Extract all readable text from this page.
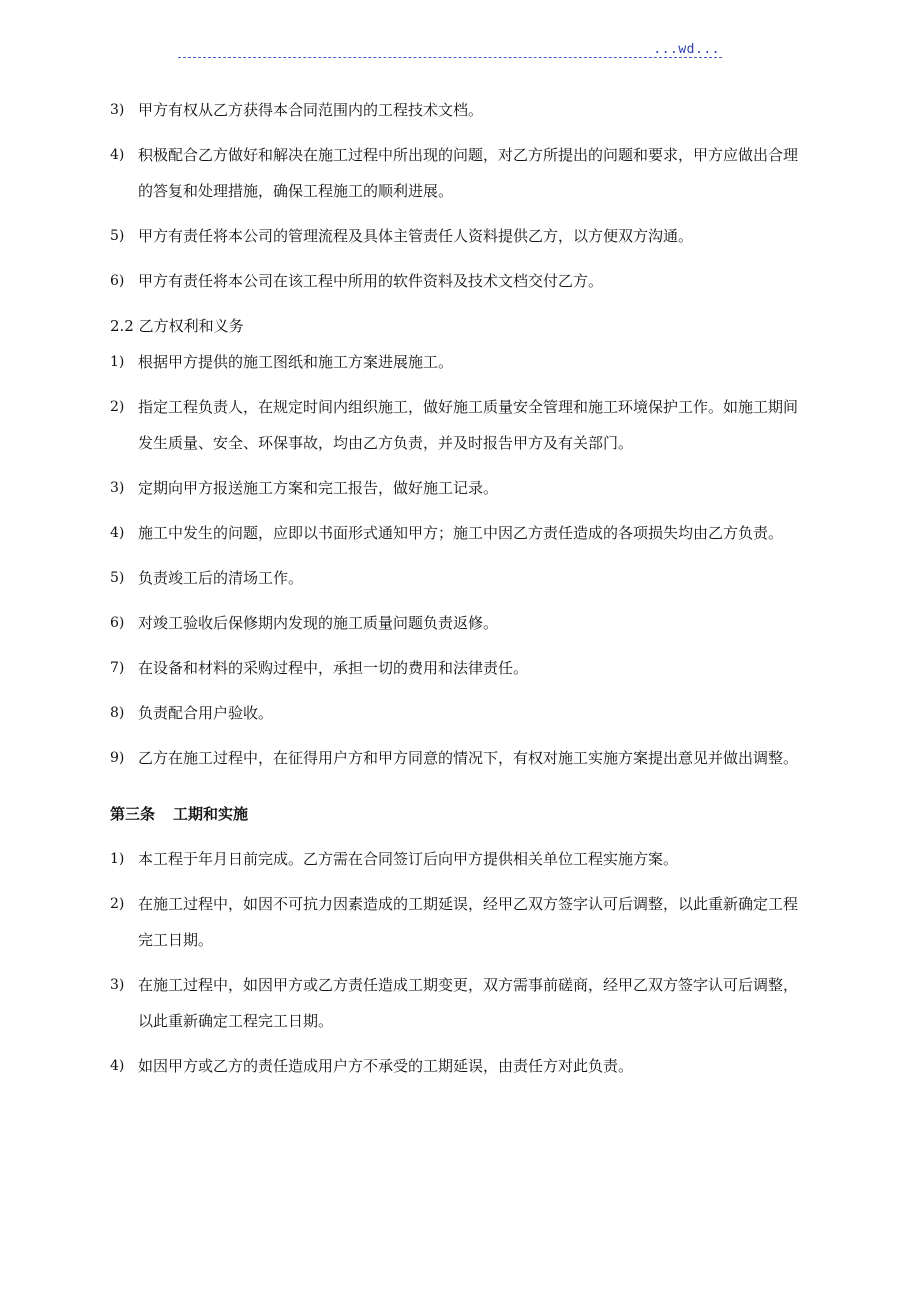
...wd...
3) 甲方有权从乙方获得本合同范围内的工程技术文档。
4) 积极配合乙方做好和解决在施工过程中所出现的问题，对乙方所提出的问题和要求，甲方应做出合理的答复和处理措施，确保工程施工的顺利进展。
5) 甲方有责任将本公司的管理流程及具体主管责任人资料提供乙方，以方便双方沟通。
6) 甲方有责任将本公司在该工程中所用的软件资料及技术文档交付乙方。
2.2 乙方权利和义务
1) 根据甲方提供的施工图纸和施工方案进展施工。
2) 指定工程负责人，在规定时间内组织施工，做好施工质量安全管理和施工环境保护工作。如施工期间发生质量、安全、环保事故，均由乙方负责，并及时报告甲方及有关部门。
3) 定期向甲方报送施工方案和完工报告，做好施工记录。
4) 施工中发生的问题，应即以书面形式通知甲方；施工中因乙方责任造成的各项损失均由乙方负责。
5) 负责竣工后的清场工作。
6) 对竣工验收后保修期内发现的施工质量问题负责返修。
7) 在设备和材料的采购过程中，承担一切的费用和法律责任。
8) 负责配合用户验收。
9) 乙方在施工过程中，在征得用户方和甲方同意的情况下，有权对施工实施方案提出意见并做出调整。
第三条 工期和实施
1) 本工程于年月日前完成。乙方需在合同签订后向甲方提供相关单位工程实施方案。
2) 在施工过程中，如因不可抗力因素造成的工期延误，经甲乙双方签字认可后调整，以此重新确定工程完工日期。
3) 在施工过程中，如因甲方或乙方责任造成工期变更，双方需事前磋商，经甲乙双方签字认可后调整，以此重新确定工程完工日期。
4) 如因甲方或乙方的责任造成用户方不承受的工期延误，由责任方对此负责。
